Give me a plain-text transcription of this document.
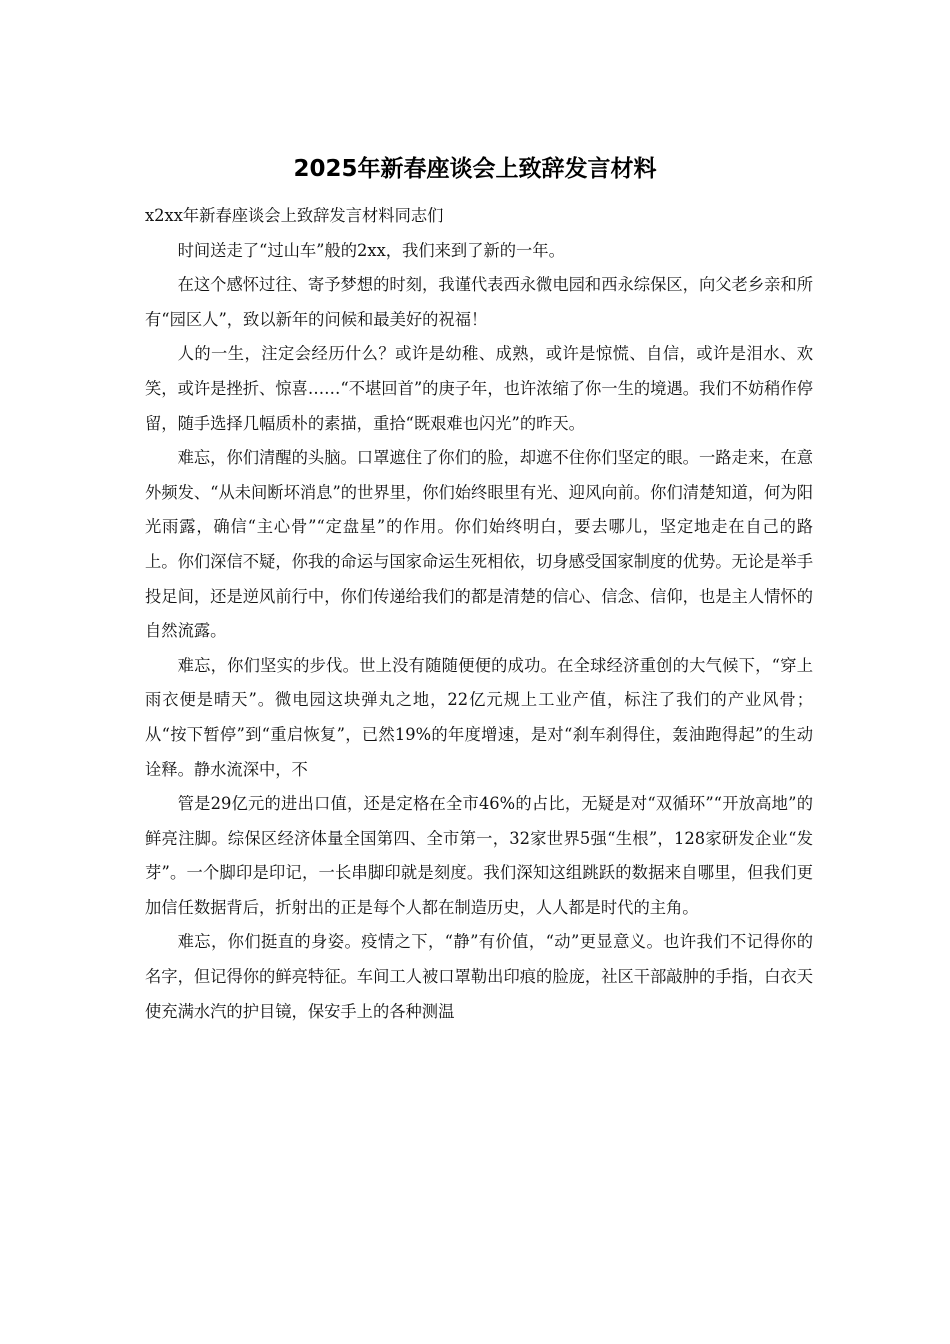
2025年新春座谈会上致辞发言材料

x2xx年新春座谈会上致辞发言材料同志们

时间送走了“过山车”般的2xx，我们来到了新的一年。

在这个感怀过往、寄予梦想的时刻，我谨代表西永微电园和西永综保区，向父老乡亲和所有“园区人”，致以新年的问候和最美好的祝福！

人的一生，注定会经历什么？或许是幼稚、成熟，或许是惊慌、自信，或许是泪水、欢笑，或许是挫折、惊喜……“不堪回首”的庚子年，也许浓缩了你一生的境遇。我们不妨稍作停留，随手选择几幅质朴的素描，重拾“既艰难也闪光”的昨天。

难忘，你们清醒的头脑。口罩遮住了你们的脸，却遮不住你们坚定的眼。一路走来，在意外频发、“从未间断坏消息”的世界里，你们始终眼里有光、迎风向前。你们清楚知道，何为阳光雨露，确信“主心骨”“定盘星”的作用。你们始终明白，要去哪儿，坚定地走在自己的路上。你们深信不疑，你我的命运与国家命运生死相依，切身感受国家制度的优势。无论是举手投足间，还是逆风前行中，你们传递给我们的都是清楚的信心、信念、信仰，也是主人情怀的自然流露。

难忘，你们坚实的步伐。世上没有随随便便的成功。在全球经济重创的大气候下，“穿上雨衣便是晴天”。微电园这块弹丸之地，22亿元规上工业产值，标注了我们的产业风骨；从“按下暂停”到“重启恢复”，已然19%的年度增速，是对“刹车刹得住，轰油跑得起”的生动诠释。静水流深中，不

管是29亿元的进出口值，还是定格在全市46%的占比，无疑是对“双循环”“开放高地”的鲜亮注脚。综保区经济体量全国第四、全市第一，32家世界5强“生根”，128家研发企业“发芽”。一个脚印是印记，一长串脚印就是刻度。我们深知这组跳跃的数据来自哪里，但我们更加信任数据背后，折射出的正是每个人都在制造历史，人人都是时代的主角。

难忘，你们挺直的身姿。疫情之下，“静”有价值，“动”更显意义。也许我们不记得你的名字，但记得你的鲜亮特征。车间工人被口罩勒出印痕的脸庞，社区干部敲肿的手指，白衣天使充满水汽的护目镜，保安手上的各种测温
